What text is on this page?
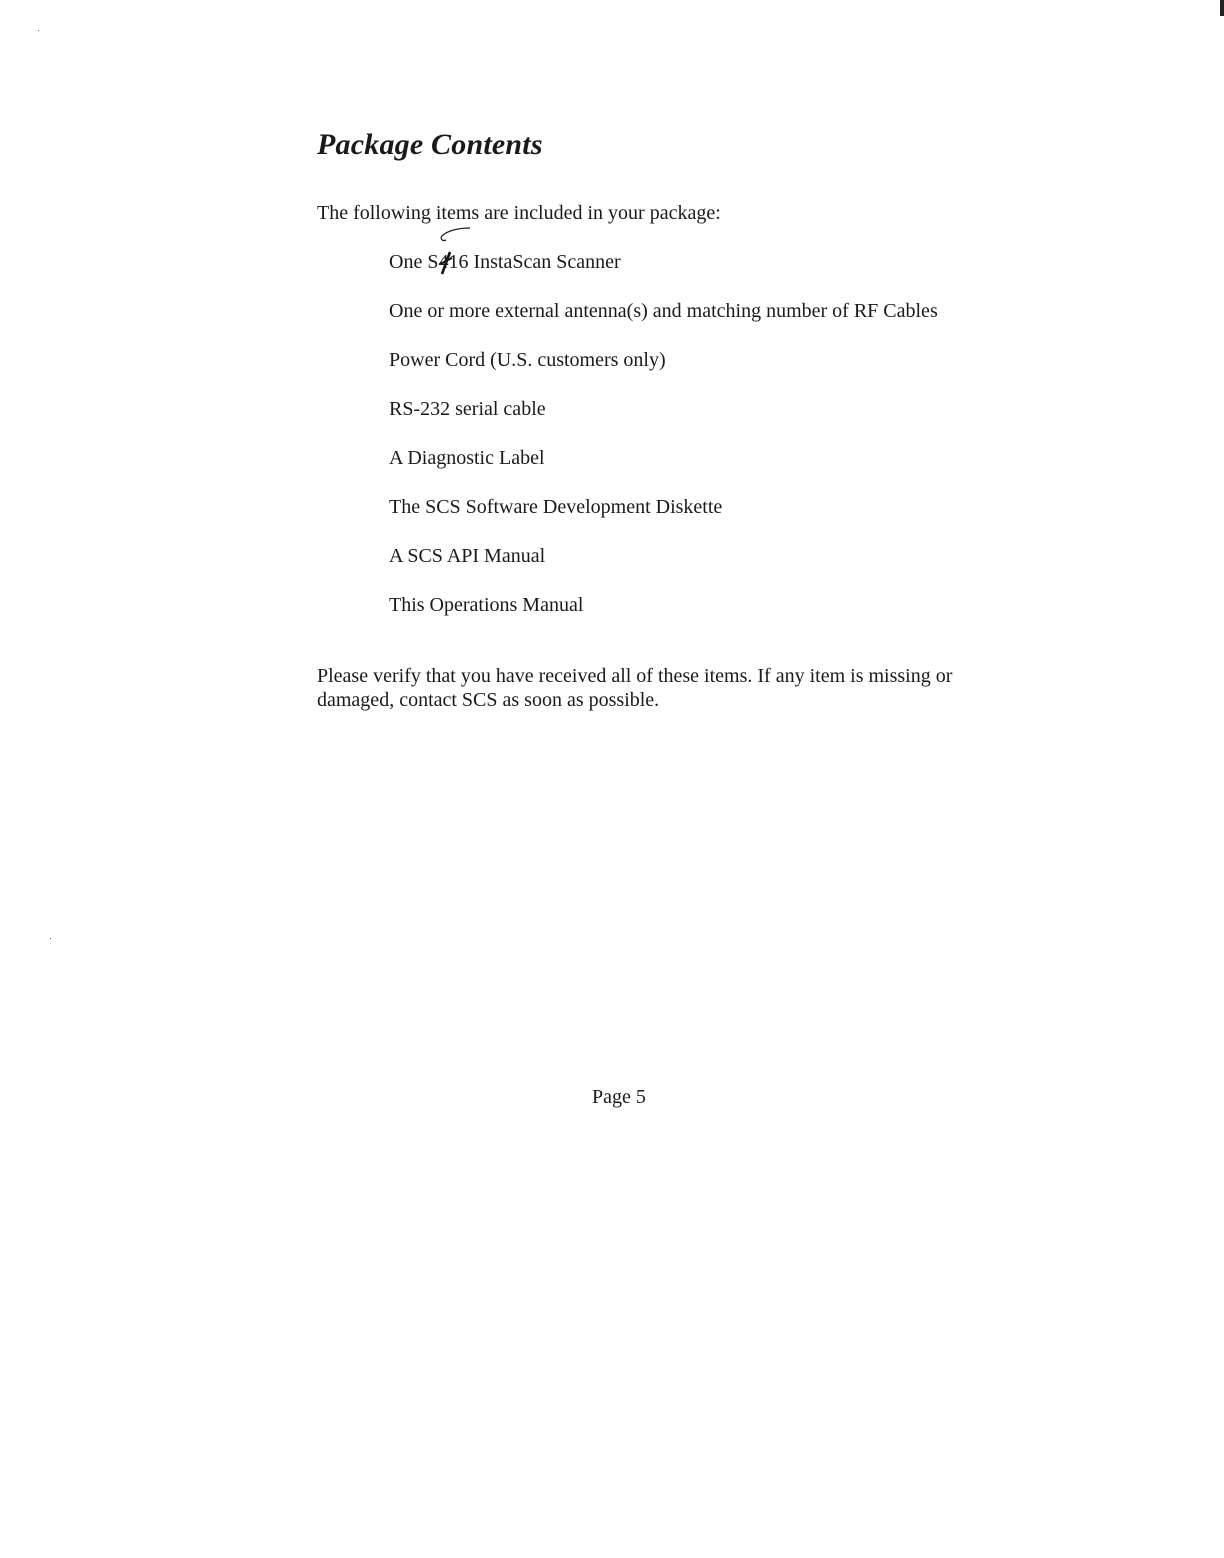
Package Contents

The following items are included in your package:

One S416 InstaScan Scanner
One or more external antenna(s) and matching number of RF Cables
Power Cord (U.S. customers only)
RS-232 serial cable
A Diagnostic Label
The SCS Software Development Diskette
A SCS API Manual
This Operations Manual

Please verify that you have received all of these items. If any item is missing or damaged, contact SCS as soon as possible.

Page 5
